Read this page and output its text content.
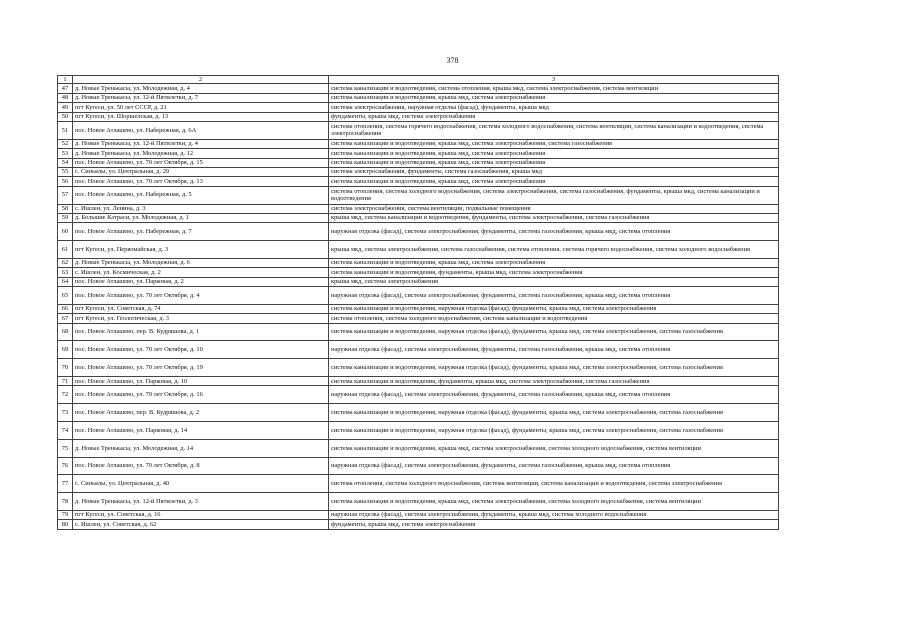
378
1	2	3
47	д. Новые Тренькасы, ул. Молодежная, д. 4	система канализации и водоотведения, система отопления, крыша мкд, система электроснабжения, система вентиляции
48	д. Новые Тренькасы, ул. 12-й Пятилетки, д. 7	система канализации и водоотведения, крыша мкд, система электроснабжения
49	пгт Кугеси, ул. 50 лет СССР, д. 21	система электроснабжения, наружная отделка (фасад), фундаменты, крыша мкд
50	пгт Кугеси, ул. Шоршелская, д. 13	фундаменты, крыша мкд, система электроснабжения
51	пос. Новое Атлашево, ул. Набережная, д. 6А	система отопления, система горячего водоснабжения, система холодного водоснабжения, система вентиляции, система канализации и водоотведения, система электроснабжения
52	д. Новые Тренькасы, ул. 12-й Пятилетки, д. 4	система канализации и водоотведения, крыша мкд, система электроснабжения, система газоснабжения
53	д. Новые Тренькасы, ул. Молодежная, д. 12	система канализации и водоотведения, крыша мкд, система электроснабжения
54	пос. Новое Атлашево, ул. 70 лет Октября, д. 15	система канализации и водоотведения, крыша мкд, система электроснабжения
55	с. Синьялы, ул. Центральная, д. 29	система электроснабжения, фундаменты, система газоснабжения, крыша мкд
56	пос. Новое Атлашево, ул. 70 лет Октября, д. 13	система канализации и водоотведения, крыша мкд, система электроснабжения
57	пос. Новое Атлашево, ул. Набережная, д. 5	система отопления, система холодного водоснабжения, система электроснабжения, система газоснабжения, фундаменты, крыша мкд, система канализации и водоотведения
58	с. Ишлеи, ул. Ленина, д. 3	система электроснабжения, система вентиляции, подвальные помещения
59	д. Большие Катраси, ул. Молодежная, д. 1	крыша мкд, система канализации и водоотведения, фундаменты, система электроснабжения, система газоснабжения
60	пос. Новое Атлашево, ул. Набережная, д. 7	наружная отделка (фасад), система электроснабжения, фундаменты, система газоснабжения, крыша мкд, система отопления
61	пгт Кугеси, ул. Первомайская, д. 3	крыша мкд, система электроснабжения, система газоснабжения, система отопления, система горячего водоснабжения, система холодного водоснабжения
62	д. Новые Тренькасы, ул. Молодежная, д. 6	система канализации и водоотведения, крыша мкд, система электроснабжения
63	с. Ишлеи, ул. Космическая, д. 2	система канализации и водоотведения, фундаменты, крыша мкд, система электроснабжения
64	пос. Новое Атлашево, ул. Парковая, д. 2	крыша мкд, система электроснабжения
65	пос. Новое Атлашево, ул. 70 лет Октября, д. 4	наружная отделка (фасад), система электроснабжения, фундаменты, система газоснабжения, крыша мкд, система отопления
66	пгт Кугеси, ул. Советская, д. 74	система канализации и водоотведения, наружная отделка (фасад), фундаменты, крыша мкд, система электроснабжения
67	пгт Кугеси, ул. Геологическая, д. 3	система отопления, система холодного водоснабжения, система канализации и водоотведения
68	пос. Новое Атлашево, пер. В. Кудряшова, д. 1	система канализации и водоотведения, наружная отделка (фасад), фундаменты, крыша мкд, система электроснабжения, система газоснабжения
69	пос. Новое Атлашево, ул. 70 лет Октября, д. 10	наружная отделка (фасад), система электроснабжения, фундаменты, система газоснабжения, крыша мкд, система отопления
70	пос. Новое Атлашево, ул. 70 лет Октября, д. 19	система канализации и водоотведения, наружная отделка (фасад), фундаменты, крыша мкд, система электроснабжения, система газоснабжения
71	пос. Новое Атлашево, ул. Парковая, д. 10	система канализации и водоотведения, фундаменты, крыша мкд, система электроснабжения, система газоснабжения
72	пос. Новое Атлашево, ул. 70 лет Октября, д. 16	наружная отделка (фасад), система электроснабжения, фундаменты, система газоснабжения, крыша мкд, система отопления
73	пос. Новое Атлашево, пер. В. Кудряшова, д. 2	система канализации и водоотведения, наружная отделка (фасад), фундаменты, крыша мкд, система электроснабжения, система газоснабжения
74	пос. Новое Атлашево, ул. Парковая, д. 14	система канализации и водоотведения, наружная отделка (фасад), фундаменты, крыша мкд, система электроснабжения, система газоснабжения
75	д. Новые Тренькасы, ул. Молодежная, д. 14	система канализации и водоотведения, крыша мкд, система электроснабжения, система холодного водоснабжения, система вентиляции
76	пос. Новое Атлашево, ул. 70 лет Октября, д. 8	наружная отделка (фасад), система электроснабжения, фундаменты, система газоснабжения, крыша мкд, система отопления
77	с. Синьялы, ул. Центральная, д. 40	система отопления, система холодного водоснабжения, система вентиляции, система канализации и водоотведения, система электроснабжения
78	д. Новые Тренькасы, ул. 12-й Пятилетки, д. 3	система канализации и водоотведения, крыша мкд, система электроснабжения, система холодного водоснабжения, система вентиляции
79	пгт Кугеси, ул. Советская, д. 16	наружная отделка (фасад), система электроснабжения, фундаменты, крыша мкд, система холодного водоснабжения
80	с. Ишлеи, ул. Советская, д. 62	фундаменты, крыша мкд, система электроснабжения
